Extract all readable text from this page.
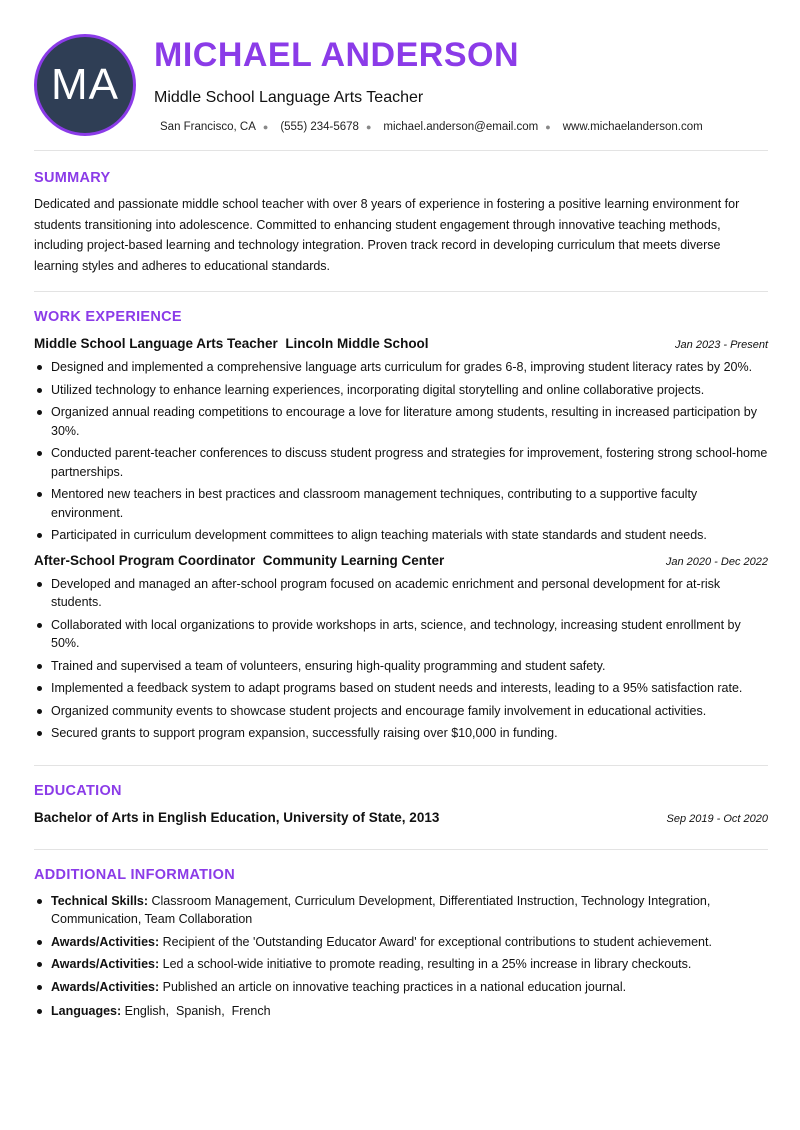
MA
MICHAEL ANDERSON
Middle School Language Arts Teacher
San Francisco, CA ● (555) 234-5678 ● michael.anderson@email.com ● www.michaelanderson.com
SUMMARY
Dedicated and passionate middle school teacher with over 8 years of experience in fostering a positive learning environment for students transitioning into adolescence. Committed to enhancing student engagement through innovative teaching methods, including project-based learning and technology integration. Proven track record in developing curriculum that meets diverse learning styles and adheres to educational standards.
WORK EXPERIENCE
Middle School Language Arts Teacher Lincoln Middle School	Jan 2023 - Present
Designed and implemented a comprehensive language arts curriculum for grades 6-8, improving student literacy rates by 20%.
Utilized technology to enhance learning experiences, incorporating digital storytelling and online collaborative projects.
Organized annual reading competitions to encourage a love for literature among students, resulting in increased participation by 30%.
Conducted parent-teacher conferences to discuss student progress and strategies for improvement, fostering strong school-home partnerships.
Mentored new teachers in best practices and classroom management techniques, contributing to a supportive faculty environment.
Participated in curriculum development committees to align teaching materials with state standards and student needs.
After-School Program Coordinator Community Learning Center	Jan 2020 - Dec 2022
Developed and managed an after-school program focused on academic enrichment and personal development for at-risk students.
Collaborated with local organizations to provide workshops in arts, science, and technology, increasing student enrollment by 50%.
Trained and supervised a team of volunteers, ensuring high-quality programming and student safety.
Implemented a feedback system to adapt programs based on student needs and interests, leading to a 95% satisfaction rate.
Organized community events to showcase student projects and encourage family involvement in educational activities.
Secured grants to support program expansion, successfully raising over $10,000 in funding.
EDUCATION
Bachelor of Arts in English Education, University of State, 2013	Sep 2019 - Oct 2020
ADDITIONAL INFORMATION
Technical Skills: Classroom Management, Curriculum Development, Differentiated Instruction, Technology Integration, Communication, Team Collaboration
Awards/Activities: Recipient of the 'Outstanding Educator Award' for exceptional contributions to student achievement.
Awards/Activities: Led a school-wide initiative to promote reading, resulting in a 25% increase in library checkouts.
Awards/Activities: Published an article on innovative teaching practices in a national education journal.
Languages: English,  Spanish,  French
